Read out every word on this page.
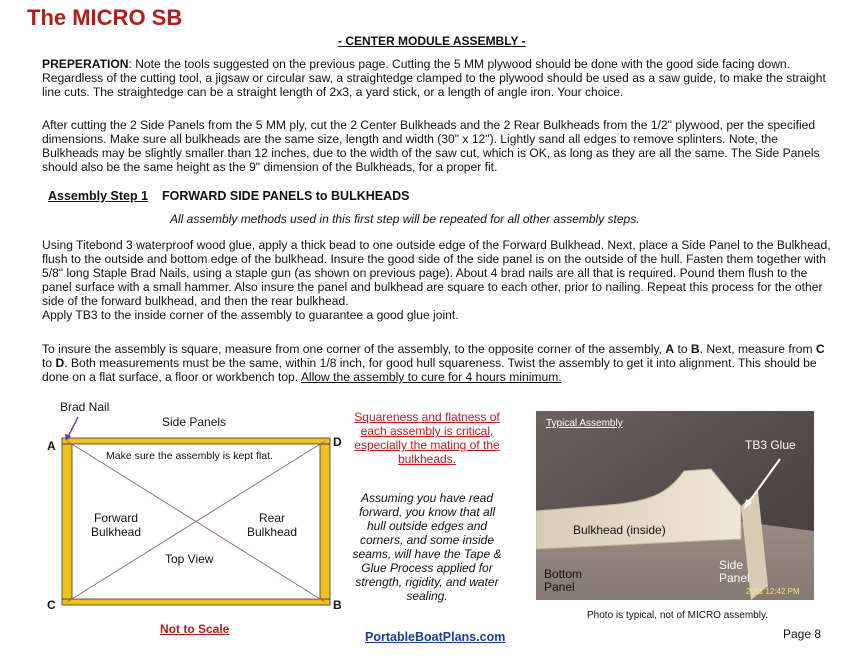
The MICRO SB
- CENTER MODULE ASSEMBLY -
PREPERATION: Note the tools suggested on the previous page. Cutting the 5 MM plywood should be done with the good side facing down. Regardless of the cutting tool, a jigsaw or circular saw, a straightedge clamped to the plywood should be used as a saw guide, to make the straight line cuts. The straightedge can be a straight length of 2x3, a yard stick, or a length of angle iron. Your choice.
After cutting the 2 Side Panels from the 5 MM ply, cut the 2 Center Bulkheads and the 2 Rear Bulkheads from the 1/2" plywood, per the specified dimensions. Make sure all bulkheads are the same size, length and width (30" x 12"). Lightly sand all edges to remove splinters. Note, the Bulkheads may be slightly smaller than 12 inches, due to the width of the saw cut, which is OK, as long as they are all the same. The Side Panels should also be the same height as the 9" dimension of the Bulkheads, for a proper fit.
Assembly Step 1 FORWARD SIDE PANELS to BULKHEADS
All assembly methods used in this first step will be repeated for all other assembly steps.
Using Titebond 3 waterproof wood glue, apply a thick bead to one outside edge of the Forward Bulkhead. Next, place a Side Panel to the Bulkhead, flush to the outside and bottom edge of the bulkhead. Insure the good side of the side panel is on the outside of the hull. Fasten them together with 5/8" long Staple Brad Nails, using a staple gun (as shown on previous page). About 4 brad nails are all that is required. Pound them flush to the panel surface with a small hammer. Also insure the panel and bulkhead are square to each other, prior to nailing. Repeat this process for the other side of the forward bulkhead, and then the rear bulkhead.
Apply TB3 to the inside corner of the assembly to guarantee a good glue joint.
To insure the assembly is square, measure from one corner of the assembly, to the opposite corner of the assembly, A to B. Next, measure from C to D. Both measurements must be the same, within 1/8 inch, for good hull squareness. Twist the assembly to get it into alignment. This should be done on a flat surface, a floor or workbench top. Allow the assembly to cure for 4 hours minimum.
Brad Nail
Side Panels
Make sure the assembly is kept flat.
Forward
Bulkhead
Rear
Bulkhead
Top View
A	D
C	B
Not to Scale
Squareness and flatness of each assembly is critical, especially the mating of the bulkheads.
Assuming you have read forward, you know that all hull outside edges and corners, and some inside seams, will have the Tape & Glue Process applied for strength, rigidity, and water sealing.
PortableBoatPlans.com
Typical Assembly
TB3 Glue
Bulkhead (inside)
Bottom
Panel
Side
Panel
2011 12:42 PM
Photo is typical, not of MICRO assembly.
Page 8
